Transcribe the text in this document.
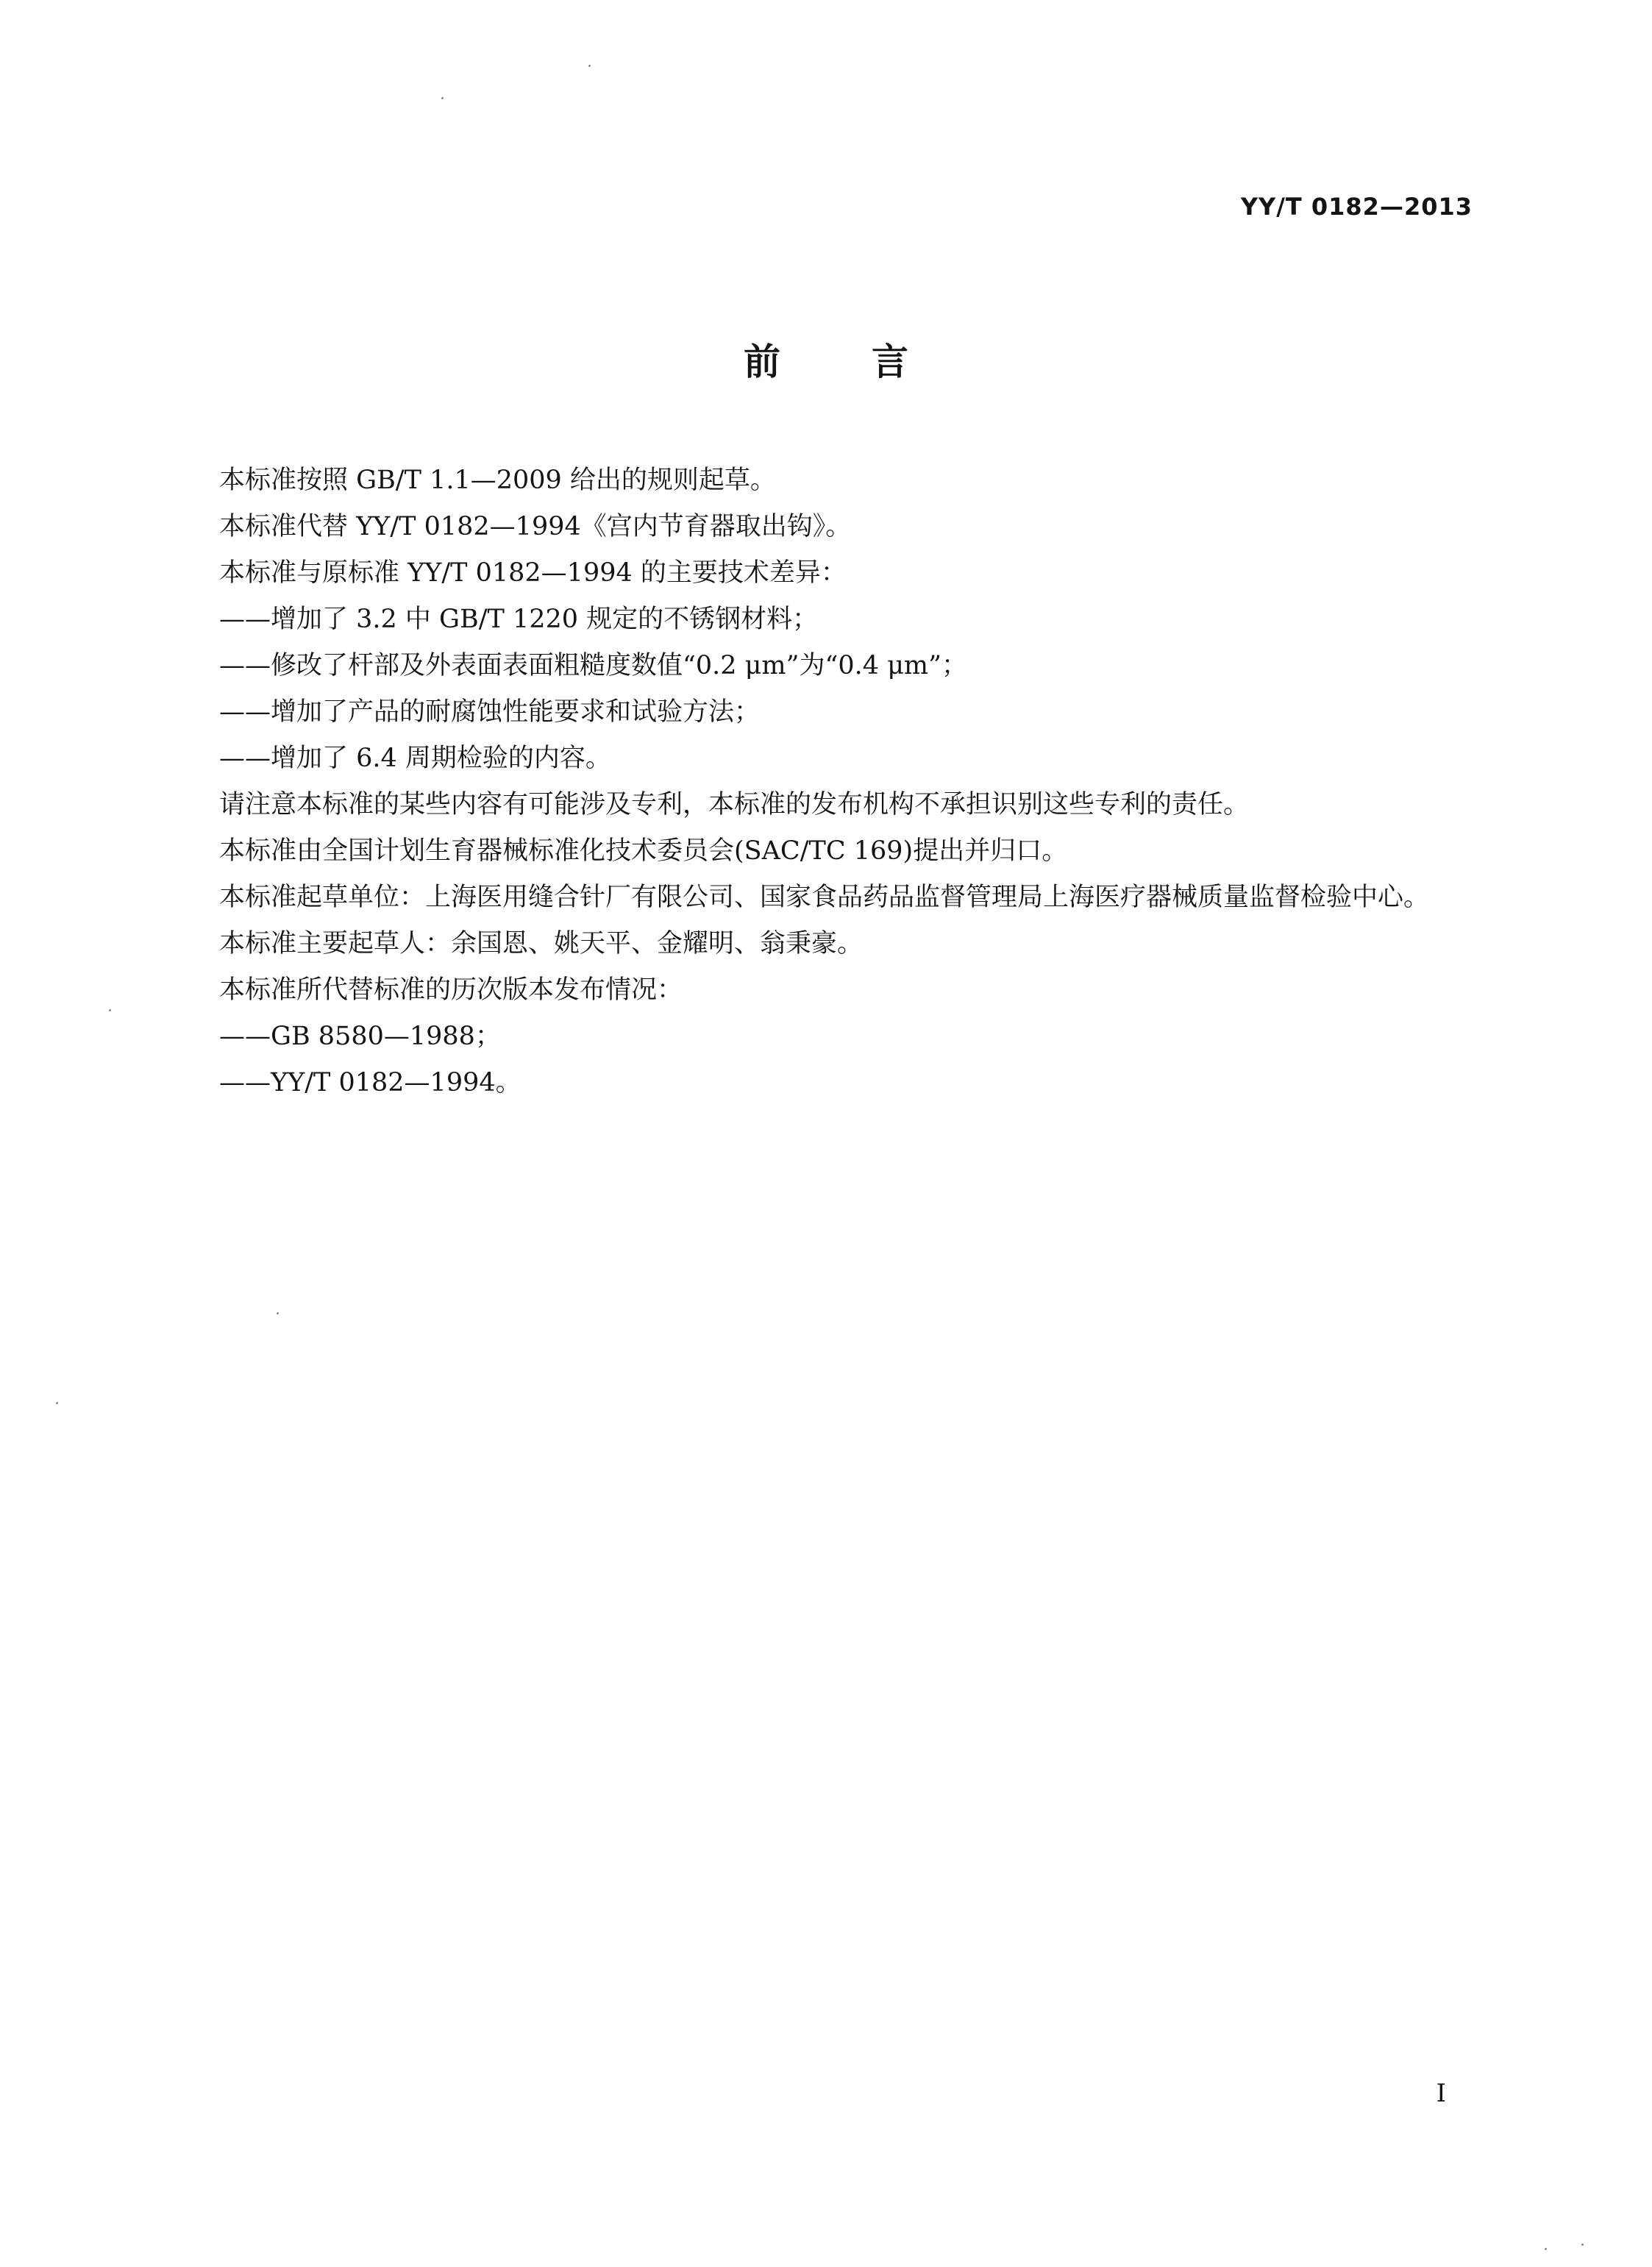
YY/T 0182—2013
前言
本标准按照 GB/T 1.1—2009 给出的规则起草。
本标准代替 YY/T 0182—1994《宫内节育器取出钩》。
本标准与原标准 YY/T 0182—1994 的主要技术差异：
——增加了 3.2 中 GB/T 1220 规定的不锈钢材料；
——修改了杆部及外表面表面粗糙度数值“0.2 μm”为“0.4 μm”；
——增加了产品的耐腐蚀性能要求和试验方法；
——增加了 6.4 周期检验的内容。
请注意本标准的某些内容有可能涉及专利，本标准的发布机构不承担识别这些专利的责任。
本标准由全国计划生育器械标准化技术委员会(SAC/TC 169)提出并归口。
本标准起草单位：上海医用缝合针厂有限公司、国家食品药品监督管理局上海医疗器械质量监督检验中心。
本标准主要起草人：余国恩、姚天平、金耀明、翁秉豪。
本标准所代替标准的历次版本发布情况：
——GB 8580—1988；
——YY/T 0182—1994。
I
